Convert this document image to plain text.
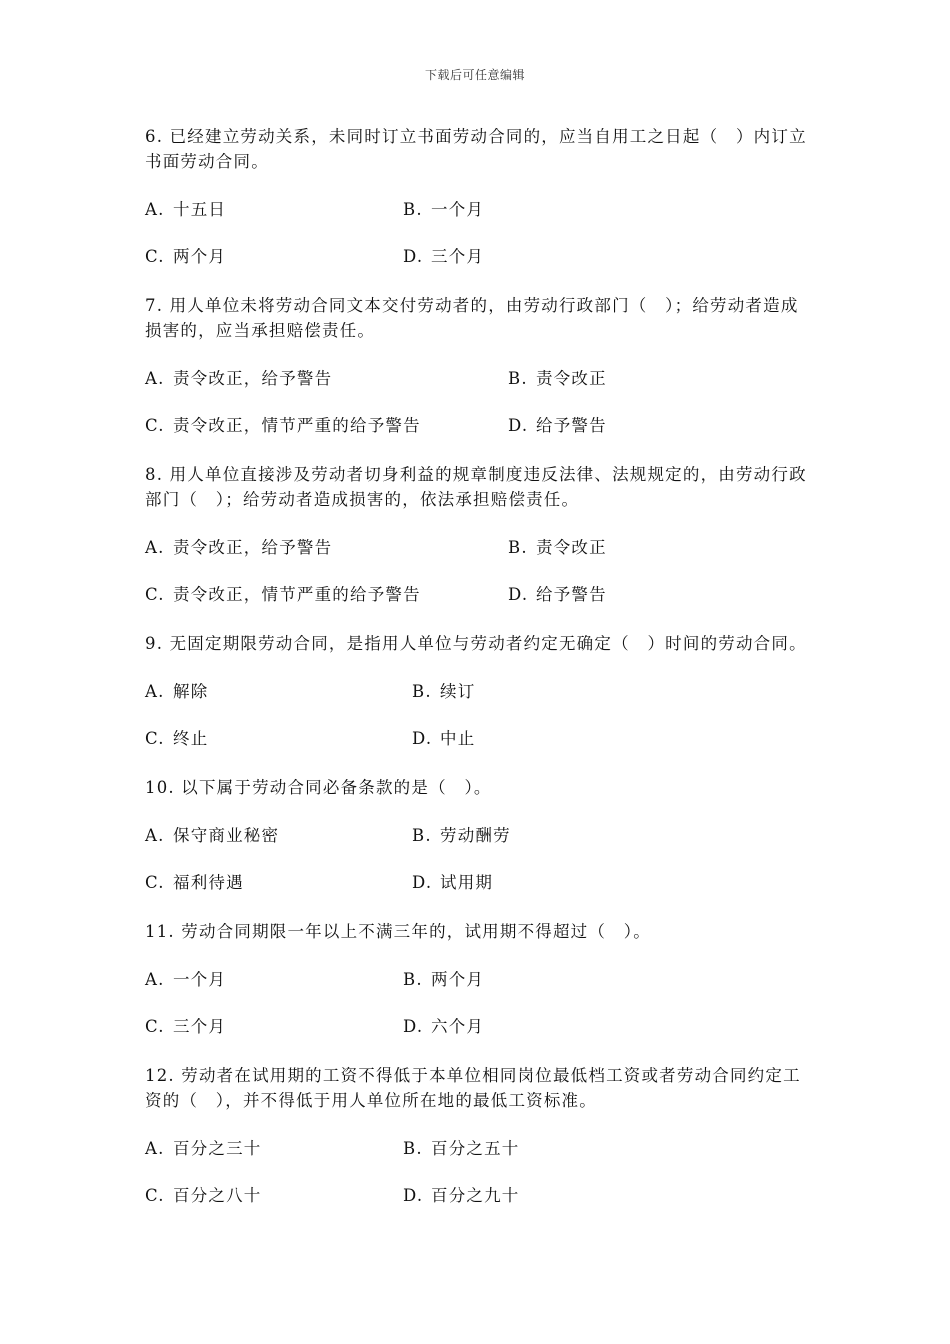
下载后可任意编辑

6. 已经建立劳动关系，未同时订立书面劳动合同的，应当自用工之日起（　）内订立书面劳动合同。

A. 十五日	B. 一个月
C. 两个月	D. 三个月

7. 用人单位未将劳动合同文本交付劳动者的，由劳动行政部门（　）；给劳动者造成损害的，应当承担赔偿责任。

A. 责令改正，给予警告	B. 责令改正
C. 责令改正，情节严重的给予警告	D. 给予警告

8. 用人单位直接涉及劳动者切身利益的规章制度违反法律、法规规定的，由劳动行政部门（　）；给劳动者造成损害的，依法承担赔偿责任。

A. 责令改正，给予警告	B. 责令改正
C. 责令改正，情节严重的给予警告	D. 给予警告

9. 无固定期限劳动合同，是指用人单位与劳动者约定无确定（　）时间的劳动合同。

A. 解除	B. 续订
C. 终止	D. 中止

10. 以下属于劳动合同必备条款的是（　）。

A. 保守商业秘密	B. 劳动酬劳
C. 福利待遇	D. 试用期

11. 劳动合同期限一年以上不满三年的，试用期不得超过（　）。

A. 一个月	B. 两个月
C. 三个月	D. 六个月

12. 劳动者在试用期的工资不得低于本单位相同岗位最低档工资或者劳动合同约定工资的（　），并不得低于用人单位所在地的最低工资标准。

A. 百分之三十	B. 百分之五十
C. 百分之八十	D. 百分之九十
